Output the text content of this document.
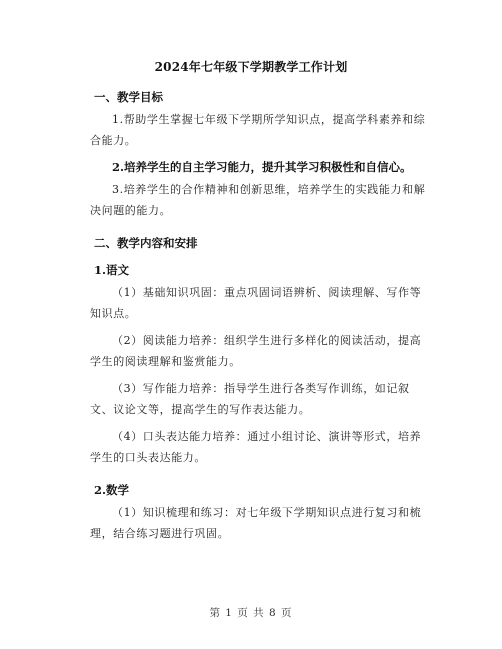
2024年七年级下学期教学工作计划
一、教学目标
1.帮助学生掌握七年级下学期所学知识点，提高学科素养和综合能力。
2.培养学生的自主学习能力，提升其学习积极性和自信心。
3.培养学生的合作精神和创新思维，培养学生的实践能力和解决问题的能力。
二、教学内容和安排
1.语文
（1）基础知识巩固：重点巩固词语辨析、阅读理解、写作等知识点。
（2）阅读能力培养：组织学生进行多样化的阅读活动，提高学生的阅读理解和鉴赏能力。
（3）写作能力培养：指导学生进行各类写作训练，如记叙文、议论文等，提高学生的写作表达能力。
（4）口头表达能力培养：通过小组讨论、演讲等形式，培养学生的口头表达能力。
2.数学
（1）知识梳理和练习：对七年级下学期知识点进行复习和梳理，结合练习题进行巩固。
第 1 页 共 8 页
